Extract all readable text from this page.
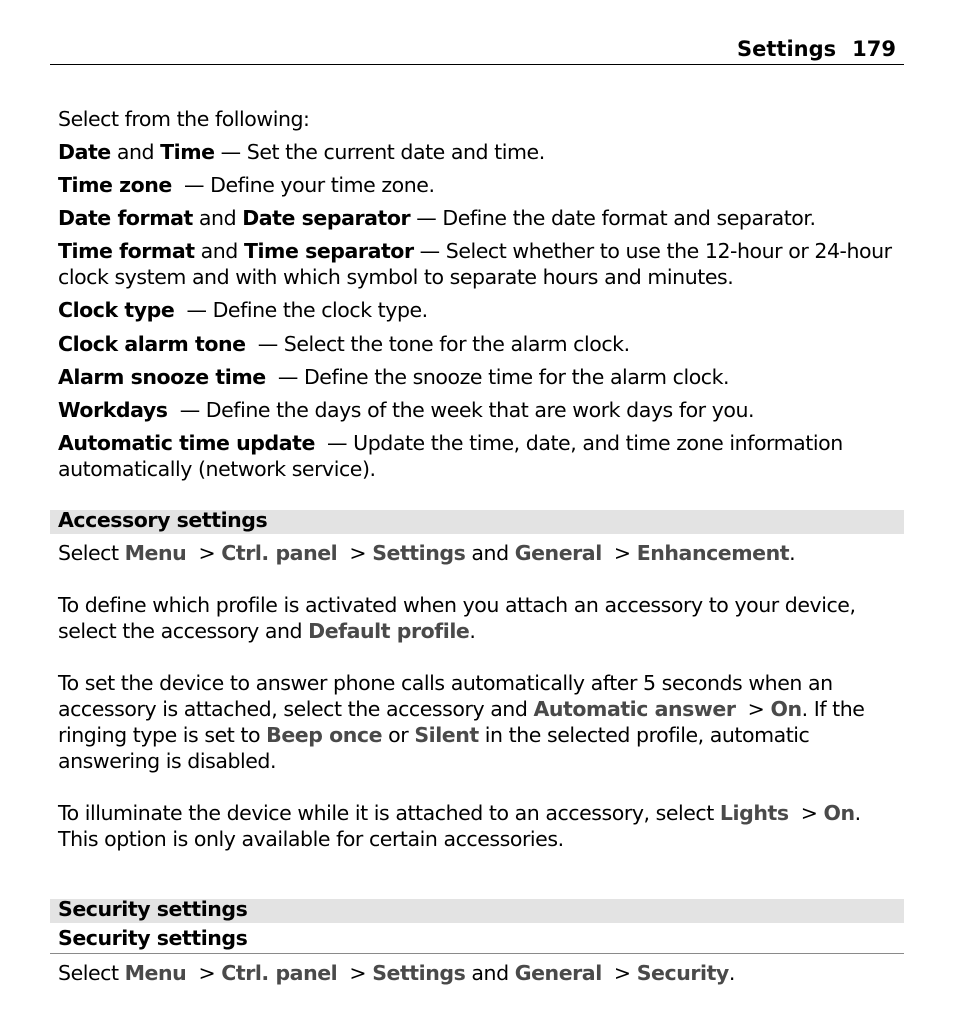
Settings 179
Select from the following:
Date and Time — Set the current date and time.
Time zone  — Define your time zone.
Date format and Date separator — Define the date format and separator.
Time format and Time separator — Select whether to use the 12-hour or 24-hour
clock system and with which symbol to separate hours and minutes.
Clock type  — Define the clock type.
Clock alarm tone  — Select the tone for the alarm clock.
Alarm snooze time  — Define the snooze time for the alarm clock.
Workdays  — Define the days of the week that are work days for you.
Automatic time update  — Update the time, date, and time zone information
automatically (network service).
Accessory settings
Select Menu  > Ctrl. panel  > Settings and General  > Enhancement.
To define which profile is activated when you attach an accessory to your device,
select the accessory and Default profile.
To set the device to answer phone calls automatically after 5 seconds when an
accessory is attached, select the accessory and Automatic answer  > On. If the
ringing type is set to Beep once or Silent in the selected profile, automatic
answering is disabled.
To illuminate the device while it is attached to an accessory, select Lights  > On.
This option is only available for certain accessories.
Security settings
Security settings
Select Menu  > Ctrl. panel  > Settings and General  > Security.
